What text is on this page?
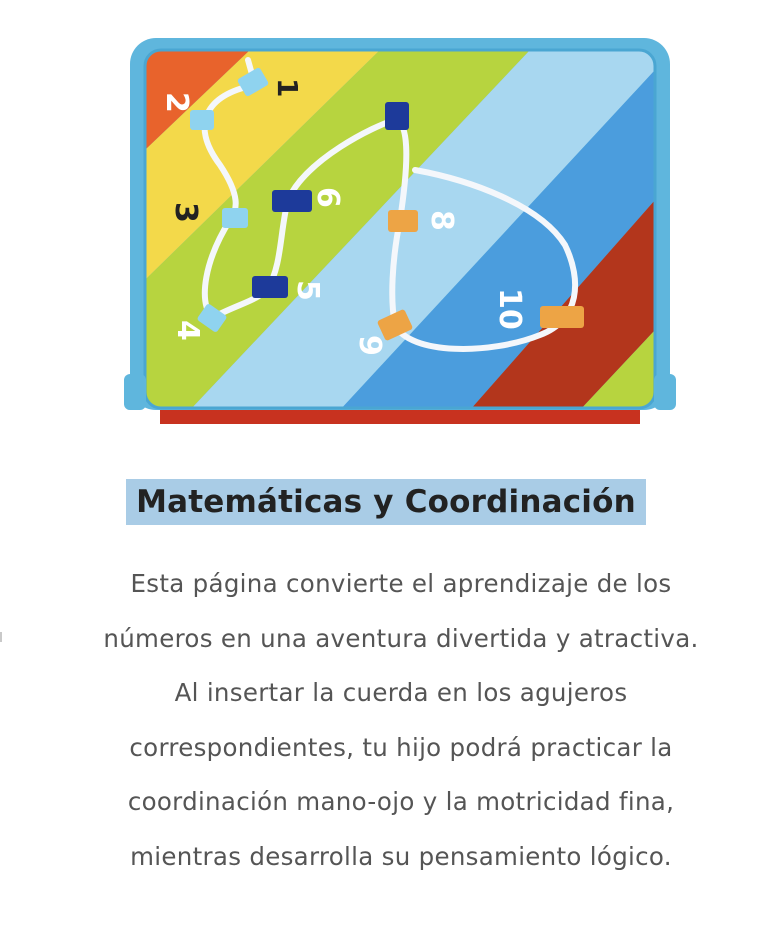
1
2
3
4
5
6
8
9
10
Matemáticas y Coordinación

Esta página convierte el aprendizaje de los
números en una aventura divertida y atractiva.
Al insertar la cuerda en los agujeros
correspondientes, tu hijo podrá practicar la
coordinación mano-ojo y la motricidad fina,
mientras desarrolla su pensamiento lógico.
